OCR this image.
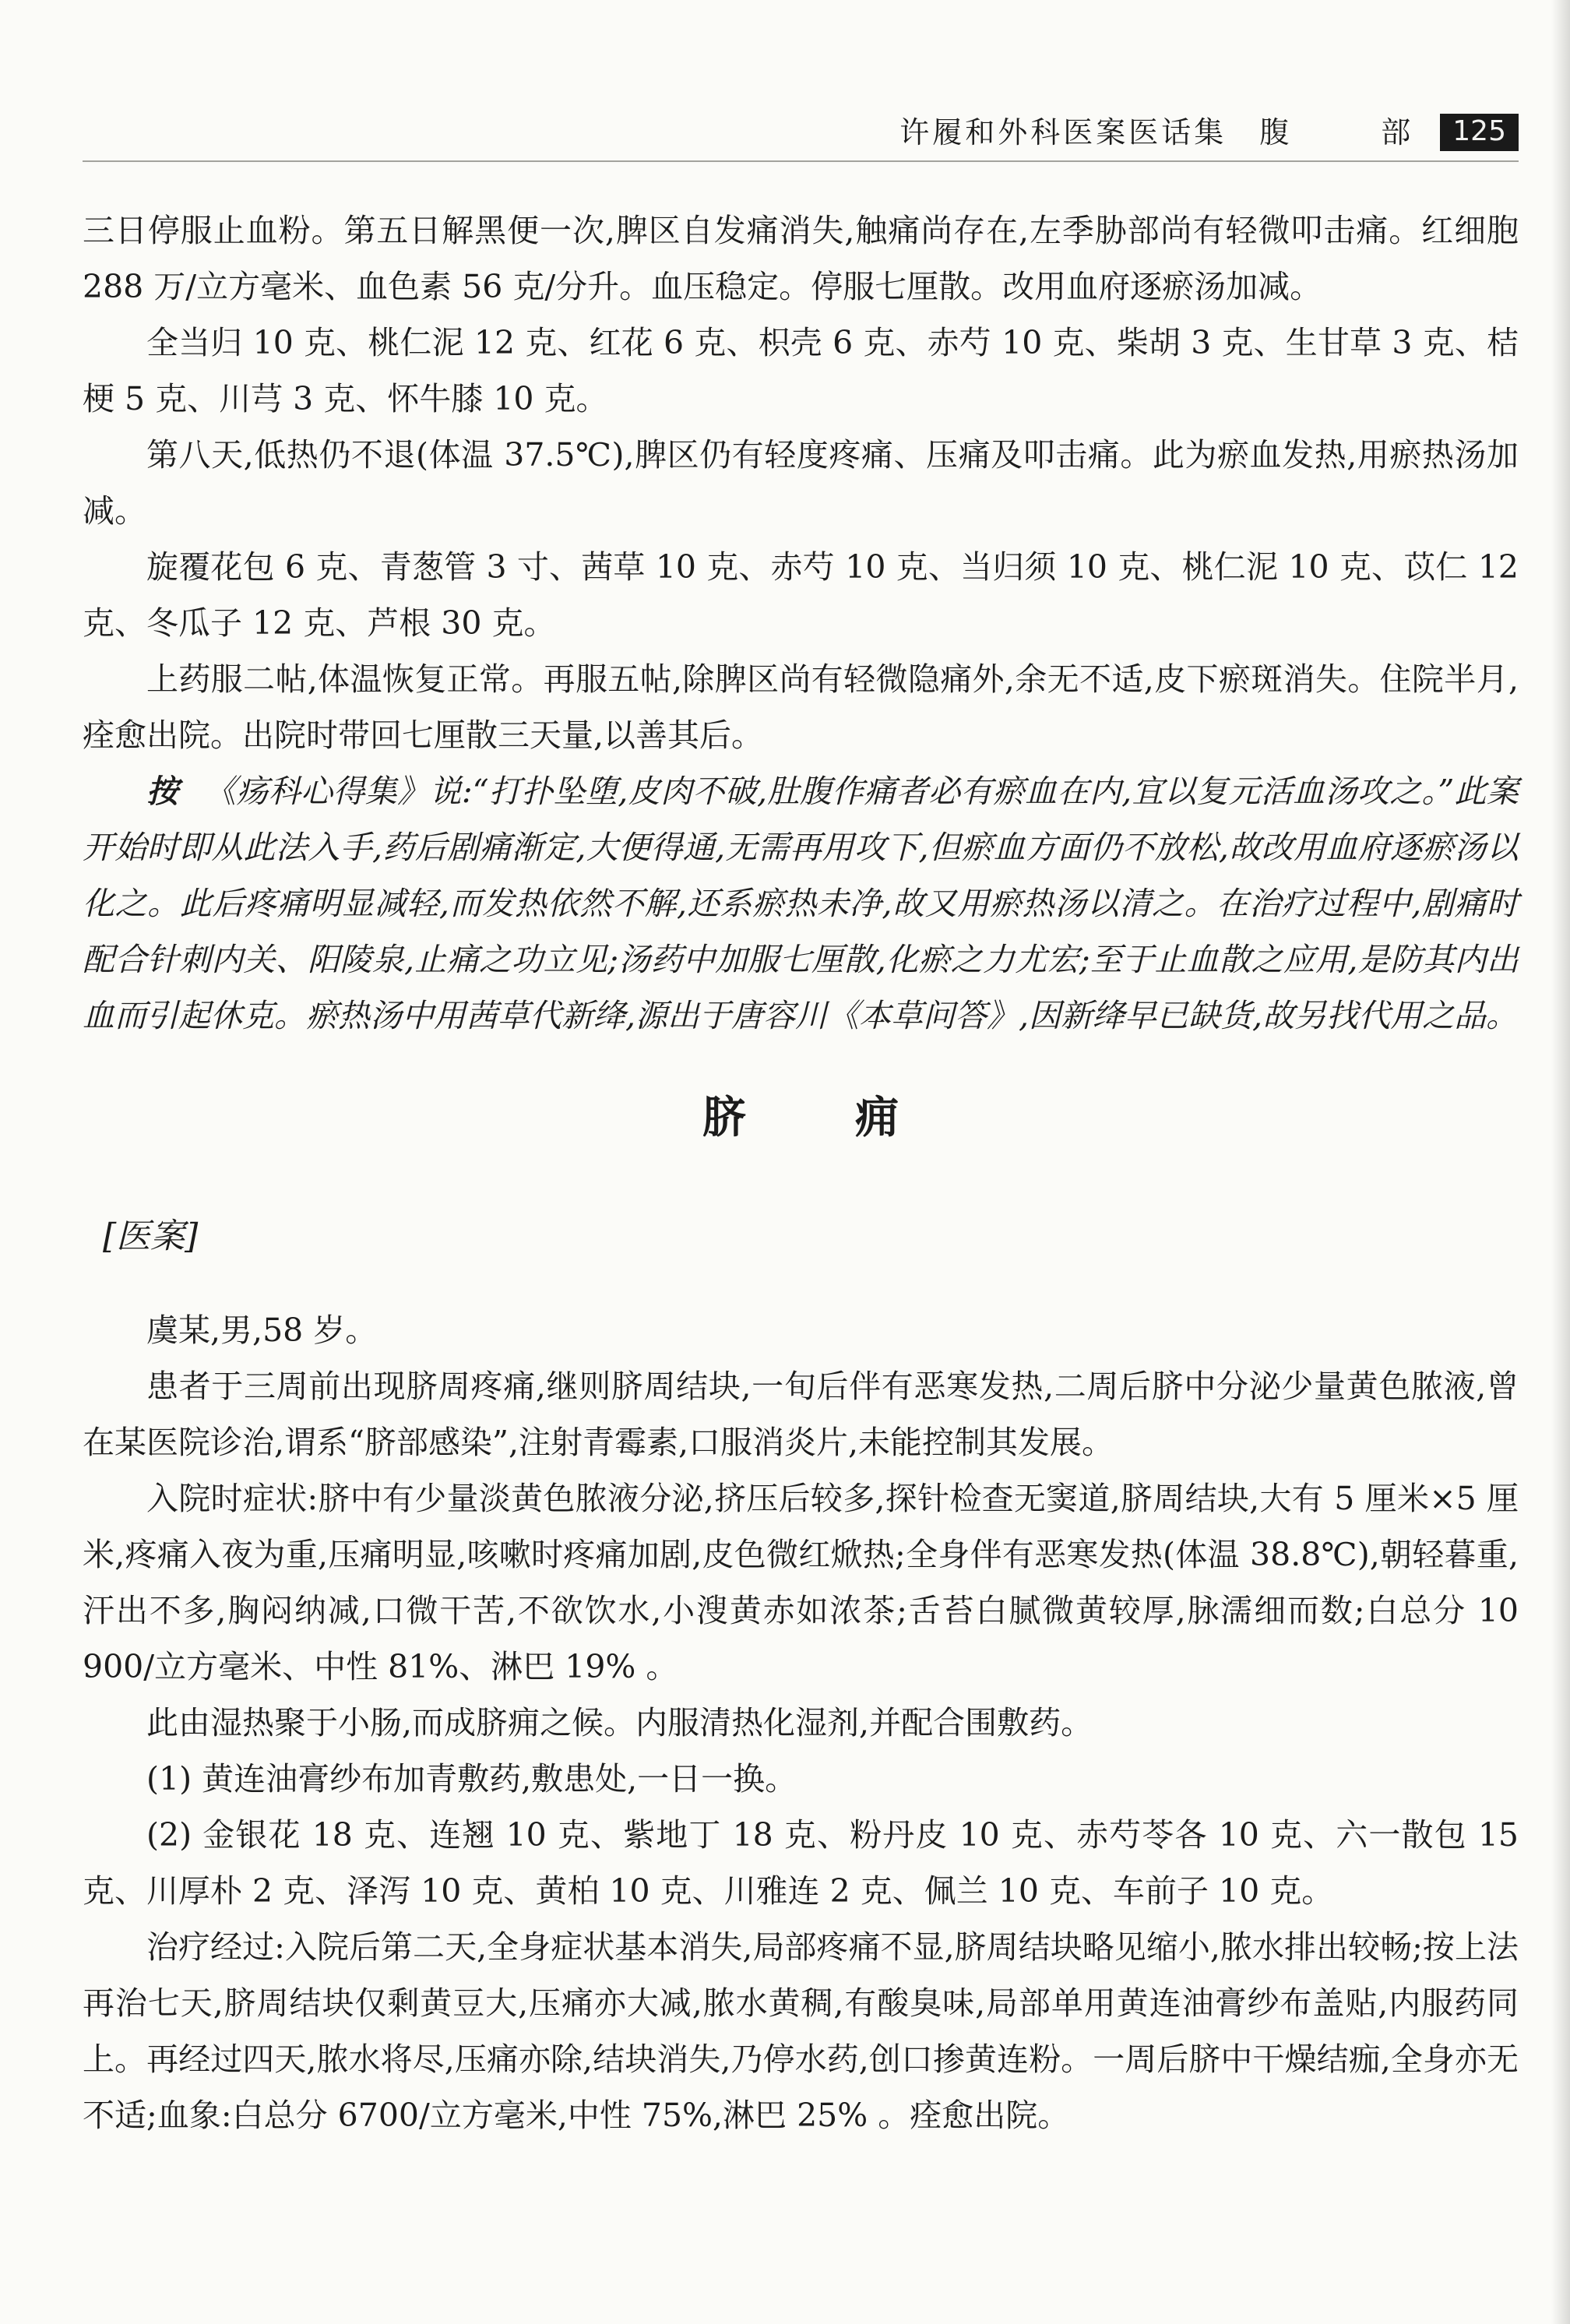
许履和外科医案医话集 腹	部	125

三日停服止血粉。第五日解黑便一次,脾区自发痛消失,触痛尚存在,左季胁部尚有轻微叩击痛。红细胞 288 万/立方毫米、血色素 56 克/分升。血压稳定。停服七厘散。改用血府逐瘀汤加减。

全当归 10 克、桃仁泥 12 克、红花 6 克、枳壳 6 克、赤芍 10 克、柴胡 3 克、生甘草 3 克、桔梗 5 克、川芎 3 克、怀牛膝 10 克。

第八天,低热仍不退(体温 37.5℃),脾区仍有轻度疼痛、压痛及叩击痛。此为瘀血发热,用瘀热汤加减。

旋覆花包 6 克、青葱管 3 寸、茜草 10 克、赤芍 10 克、当归须 10 克、桃仁泥 10 克、苡仁 12 克、冬瓜子 12 克、芦根 30 克。

上药服二帖,体温恢复正常。再服五帖,除脾区尚有轻微隐痛外,余无不适,皮下瘀斑消失。住院半月,痊愈出院。出院时带回七厘散三天量,以善其后。

按 《疡科心得集》说:“打扑坠堕,皮肉不破,肚腹作痛者必有瘀血在内,宜以复元活血汤攻之。”此案开始时即从此法入手,药后剧痛渐定,大便得通,无需再用攻下,但瘀血方面仍不放松,故改用血府逐瘀汤以化之。此后疼痛明显减轻,而发热依然不解,还系瘀热未净,故又用瘀热汤以清之。在治疗过程中,剧痛时配合针刺内关、阳陵泉,止痛之功立见;汤药中加服七厘散,化瘀之力尤宏;至于止血散之应用,是防其内出血而引起休克。瘀热汤中用茜草代新绛,源出于唐容川《本草问答》,因新绛早已缺货,故另找代用之品。

脐	痈
[医案]

虞某,男,58 岁。

患者于三周前出现脐周疼痛,继则脐周结块,一旬后伴有恶寒发热,二周后脐中分泌少量黄色脓液,曾在某医院诊治,谓系“脐部感染”,注射青霉素,口服消炎片,未能控制其发展。

入院时症状:脐中有少量淡黄色脓液分泌,挤压后较多,探针检查无窦道,脐周结块,大有 5 厘米×5 厘米,疼痛入夜为重,压痛明显,咳嗽时疼痛加剧,皮色微红焮热;全身伴有恶寒发热(体温 38.8℃),朝轻暮重,汗出不多,胸闷纳减,口微干苦,不欲饮水,小溲黄赤如浓茶;舌苔白腻微黄较厚,脉濡细而数;白总分 10 900/立方毫米、中性 81%、淋巴 19% 。

此由湿热聚于小肠,而成脐痈之候。内服清热化湿剂,并配合围敷药。

(1) 黄连油膏纱布加青敷药,敷患处,一日一换。

(2) 金银花 18 克、连翘 10 克、紫地丁 18 克、粉丹皮 10 克、赤芍苓各 10 克、六一散包 15 克、川厚朴 2 克、泽泻 10 克、黄柏 10 克、川雅连 2 克、佩兰 10 克、车前子 10 克。

治疗经过:入院后第二天,全身症状基本消失,局部疼痛不显,脐周结块略见缩小,脓水排出较畅;按上法再治七天,脐周结块仅剩黄豆大,压痛亦大减,脓水黄稠,有酸臭味,局部单用黄连油膏纱布盖贴,内服药同上。再经过四天,脓水将尽,压痛亦除,结块消失,乃停水药,创口掺黄连粉。一周后脐中干燥结痂,全身亦无不适;血象:白总分 6700/立方毫米,中性 75%,淋巴 25% 。痊愈出院。
